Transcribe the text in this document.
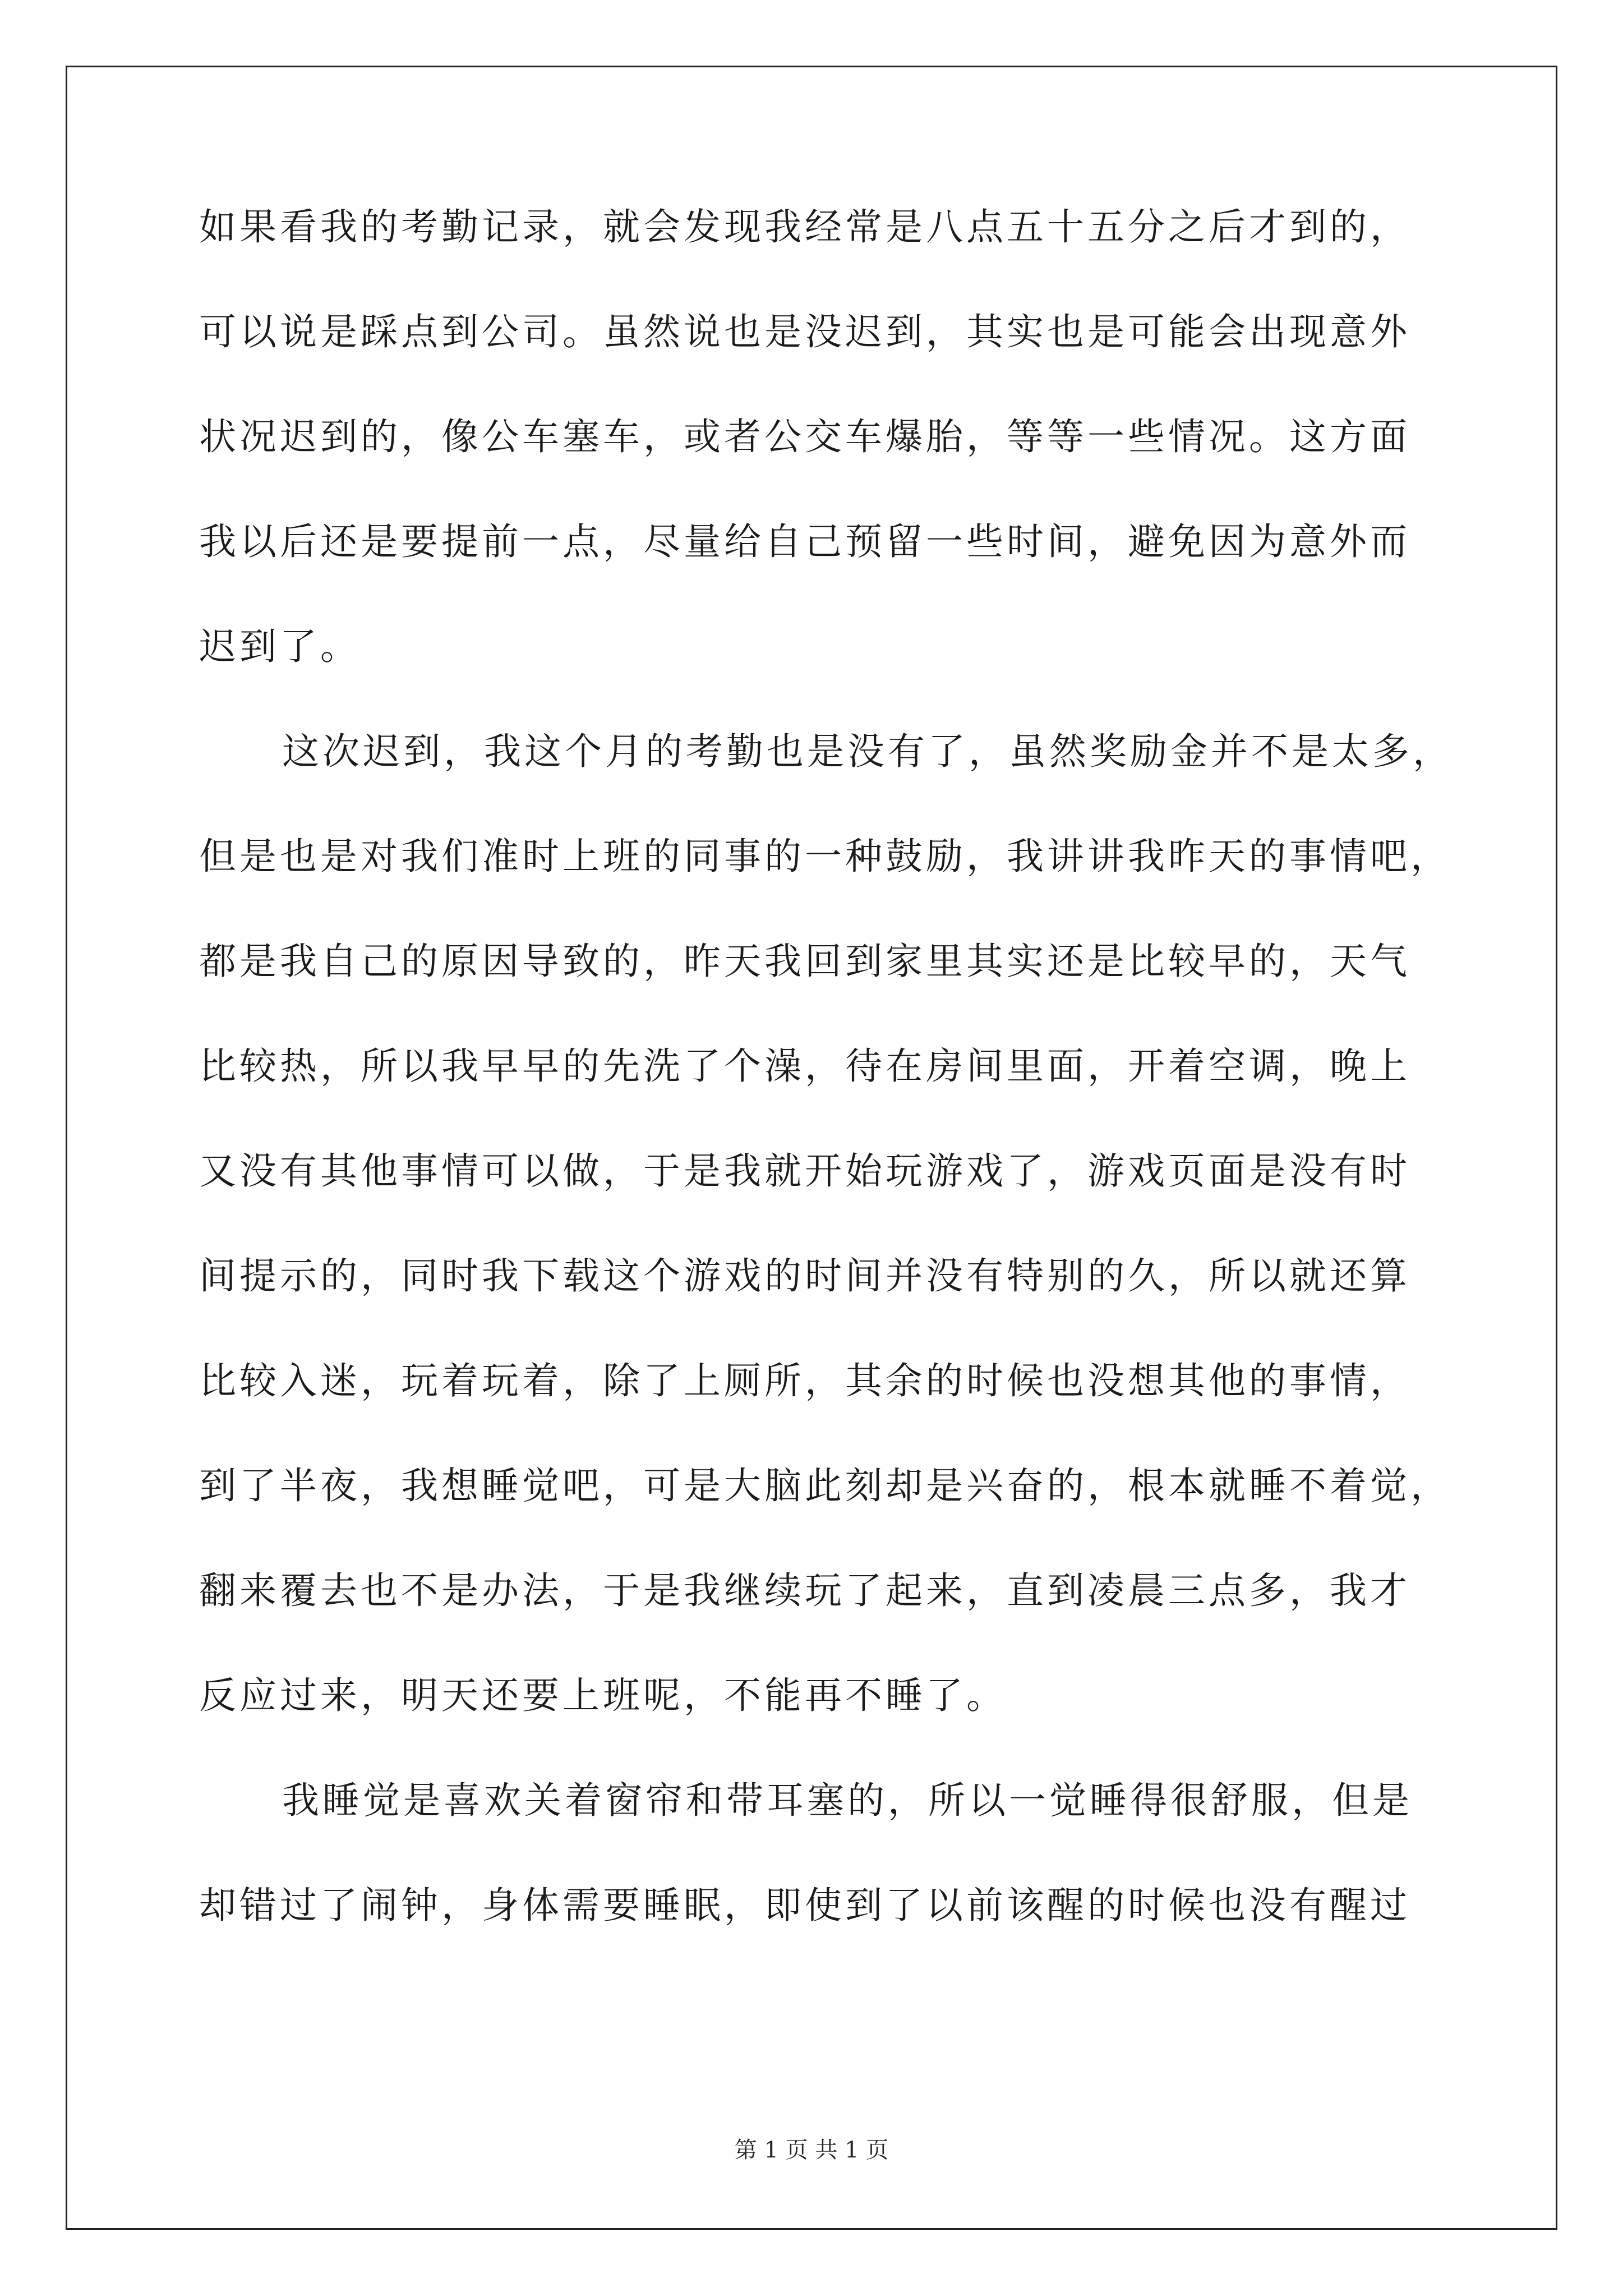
如果看我的考勤记录，就会发现我经常是八点五十五分之后才到的，
可以说是踩点到公司。虽然说也是没迟到，其实也是可能会出现意外
状况迟到的，像公车塞车，或者公交车爆胎，等等一些情况。这方面
我以后还是要提前一点，尽量给自己预留一些时间，避免因为意外而
迟到了。
这次迟到，我这个月的考勤也是没有了，虽然奖励金并不是太多，
但是也是对我们准时上班的同事的一种鼓励，我讲讲我昨天的事情吧，
都是我自己的原因导致的，昨天我回到家里其实还是比较早的，天气
比较热，所以我早早的先洗了个澡，待在房间里面，开着空调，晚上
又没有其他事情可以做，于是我就开始玩游戏了，游戏页面是没有时
间提示的，同时我下载这个游戏的时间并没有特别的久，所以就还算
比较入迷，玩着玩着，除了上厕所，其余的时候也没想其他的事情，
到了半夜，我想睡觉吧，可是大脑此刻却是兴奋的，根本就睡不着觉，
翻来覆去也不是办法，于是我继续玩了起来，直到凌晨三点多，我才
反应过来，明天还要上班呢，不能再不睡了。
我睡觉是喜欢关着窗帘和带耳塞的，所以一觉睡得很舒服，但是
却错过了闹钟，身体需要睡眠，即使到了以前该醒的时候也没有醒过
第 1 页 共 1 页
